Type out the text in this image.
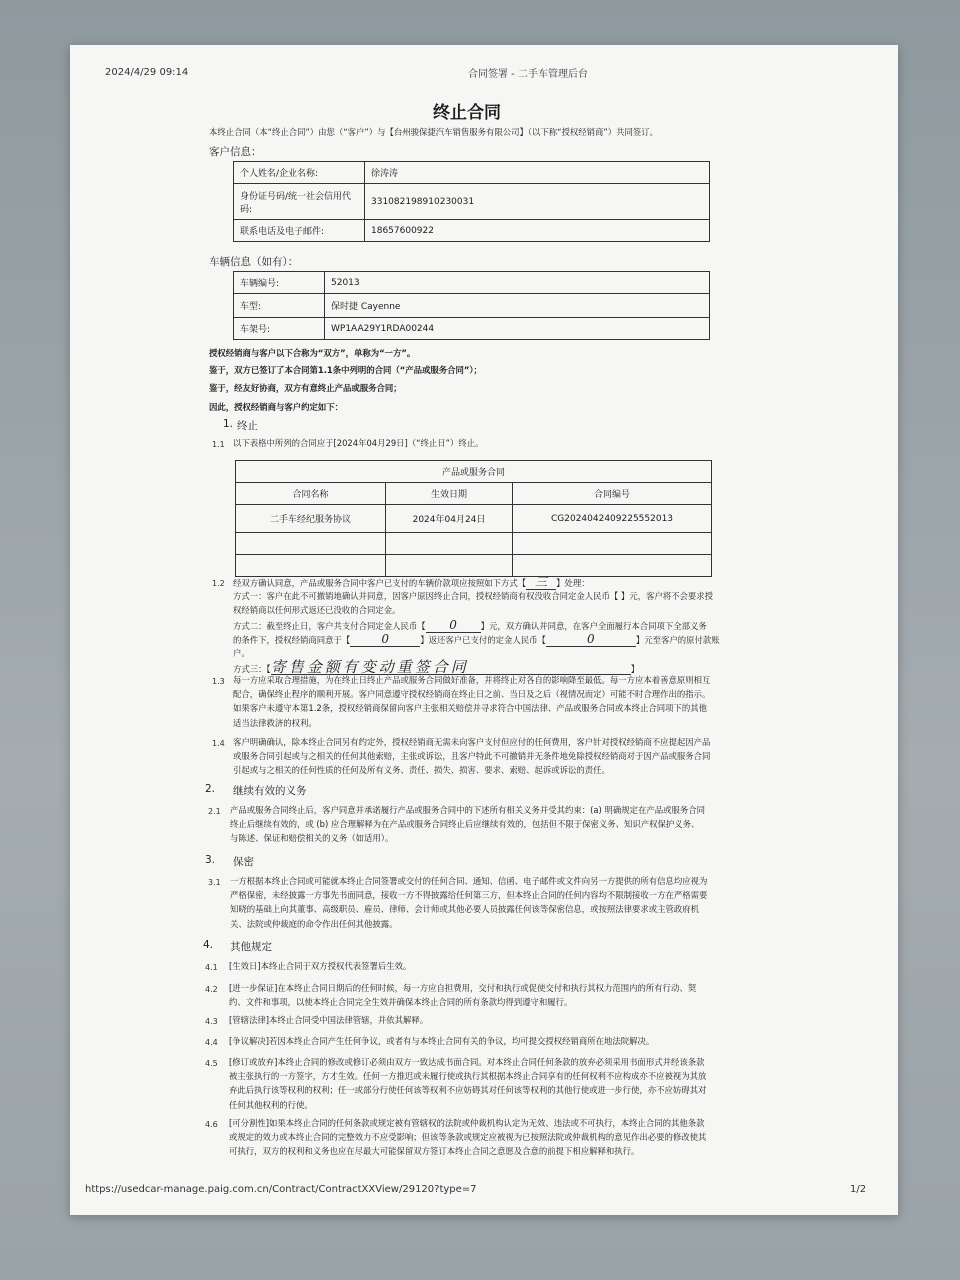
2024/4/29 09:14	合同签署 - 二手车管理后台
终止合同
本终止合同（本“终止合同”）由您（“客户”）与【台州骏保捷汽车销售服务有限公司】（以下称“授权经销商”）共同签订。
客户信息：
个人姓名/企业名称:	徐涛涛
身份证号码/统一社会信用代码:	331082198910230031
联系电话及电子邮件:	18657600922
车辆信息（如有）：
车辆编号:	52013
车型:	保时捷 Cayenne
车架号:	WP1AA29Y1RDA00244
授权经销商与客户以下合称为“双方”，单称为“一方”。
鉴于，双方已签订了本合同第1.1条中列明的合同（“产品或服务合同”）；
鉴于，经友好协商，双方有意终止产品或服务合同；
因此，授权经销商与客户约定如下：
1. 终止
1.1 以下表格中所列的合同应于[2024年04月29日]（“终止日”）终止。
产品或服务合同		
合同名称	生效日期	合同编号
二手车经纪服务协议	2024年04月24日	CG2024042409225552013

1.2 经双方确认同意，产品或服务合同中客户已支付的车辆价款项应按照如下方式【 三 】处理：
方式一：客户在此不可撤销地确认并同意，因客户原因终止合同，授权经销商有权没收合同定金人民币【 】元，客户将不会要求授
权经销商以任何形式返还已没收的合同定金。
方式二：截至终止日，客户共支付合同定金人民币【 0	】元，双方确认并同意，在客户全面履行本合同项下全部义务
的条件下，授权经销商同意于【	0	】返还客户已支付的定金人民币【	0	】元至客户的原付款账
户。
方式三：【寄售金额有变动重签合同	】
1.3 每一方应采取合理措施，为在终止日终止产品或服务合同做好准备，并将终止对各自的影响降至最低。每一方应本着善意原则相互
配合，确保终止程序的顺利开展。客户同意遵守授权经销商在终止日之前、当日及之后（视情况而定）可能不时合理作出的指示。
如果客户未遵守本第1.2条，授权经销商保留向客户主张相关赔偿并寻求符合中国法律、产品或服务合同或本终止合同项下的其他
适当法律救济的权利。
1.4 客户明确确认，除本终止合同另有约定外，授权经销商无需未向客户支付但应付的任何费用，客户针对授权经销商不应提起因产品
或服务合同引起或与之相关的任何其他索赔，主张或诉讼，且客户特此不可撤销并无条件地免除授权经销商对于因产品或服务合同
引起或与之相关的任何性质的任何及所有义务、责任、损失、损害、要求、索赔、起诉或诉讼的责任。
2. 继续有效的义务
2.1 产品或服务合同终止后，客户同意并承诺履行产品或服务合同中的下述所有相关义务并受其约束：(a) 明确规定在产品或服务合同
终止后继续有效的，或 (b) 应合理解释为在产品或服务合同终止后应继续有效的，包括但不限于保密义务、知识产权保护义务、
与陈述、保证和赔偿相关的义务（如适用）。
3. 保密
3.1 一方根据本终止合同或可能就本终止合同签署或交付的任何合同、通知、信函、电子邮件或文件向另一方提供的所有信息均应视为
严格保密，未经披露一方事先书面同意，接收一方不得披露给任何第三方，但本终止合同的任何内容均不限制接收一方在严格需要
知晓的基础上向其董事、高级职员、雇员、律师、会计师或其他必要人员披露任何该等保密信息，或按照法律要求或主管政府机
关、法院或仲裁庭的命令作出任何其他披露。
4. 其他规定
4.1 [生效日]本终止合同于双方授权代表签署后生效。
4.2 [进一步保证]在本终止合同日期后的任何时候，每一方应自担费用，交付和执行或促使交付和执行其权力范围内的所有行动、契
约、文件和事项，以使本终止合同完全生效并确保本终止合同的所有条款均得到遵守和履行。
4.3 [管辖法律]本终止合同受中国法律管辖，并依其解释。
4.4 [争议解决]若因本终止合同产生任何争议，或者有与本终止合同有关的争议，均可提交授权经销商所在地法院解决。
4.5 [修订或放弃]本终止合同的修改或修订必须由双方一致达成书面合同。对本终止合同任何条款的放弃必须采用书面形式并经该条款
被主张执行的一方签字，方才生效。任何一方推迟或未履行使或执行其根据本终止合同享有的任何权利不应构成亦不应被视为其放
弃此后执行该等权利的权利；任一或部分行使任何该等权利不应妨碍其对任何该等权利的其他行使或进一步行使，亦不应妨碍其对
任何其他权利的行使。
4.6 [可分割性]如果本终止合同的任何条款或规定被有管辖权的法院或仲裁机构认定为无效、违法或不可执行，本终止合同的其他条款
或规定的效力或本终止合同的完整效力不应受影响；但该等条款或规定应被视为已按照法院或仲裁机构的意见作出必要的修改使其
可执行，双方的权利和义务也应在尽最大可能保留双方签订本终止合同之意愿及合意的前提下相应解释和执行。
https://usedcar-manage.paig.com.cn/Contract/ContractXXView/29120?type=7	1/2
